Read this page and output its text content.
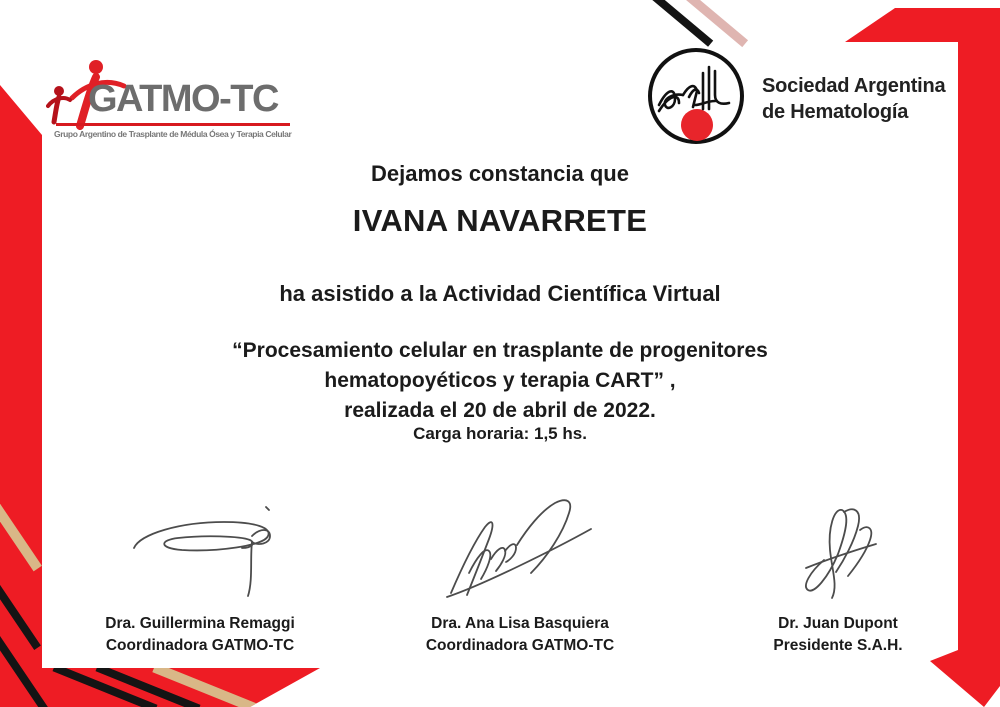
GATMO-TC
Grupo Argentino de Trasplante de Médula Ósea y Terapia Celular
Sociedad Argentina
de Hematología
Dejamos constancia que
IVANA NAVARRETE
ha asistido a la Actividad Científica Virtual
“Procesamiento celular en trasplante de progenitores
hematopoyéticos y terapia CART” ,
realizada el 20 de abril de 2022.
Carga horaria: 1,5 hs.
Dra. Guillermina Remaggi
Coordinadora GATMO-TC
Dra. Ana Lisa Basquiera
Coordinadora GATMO-TC
Dr. Juan Dupont
Presidente S.A.H.
